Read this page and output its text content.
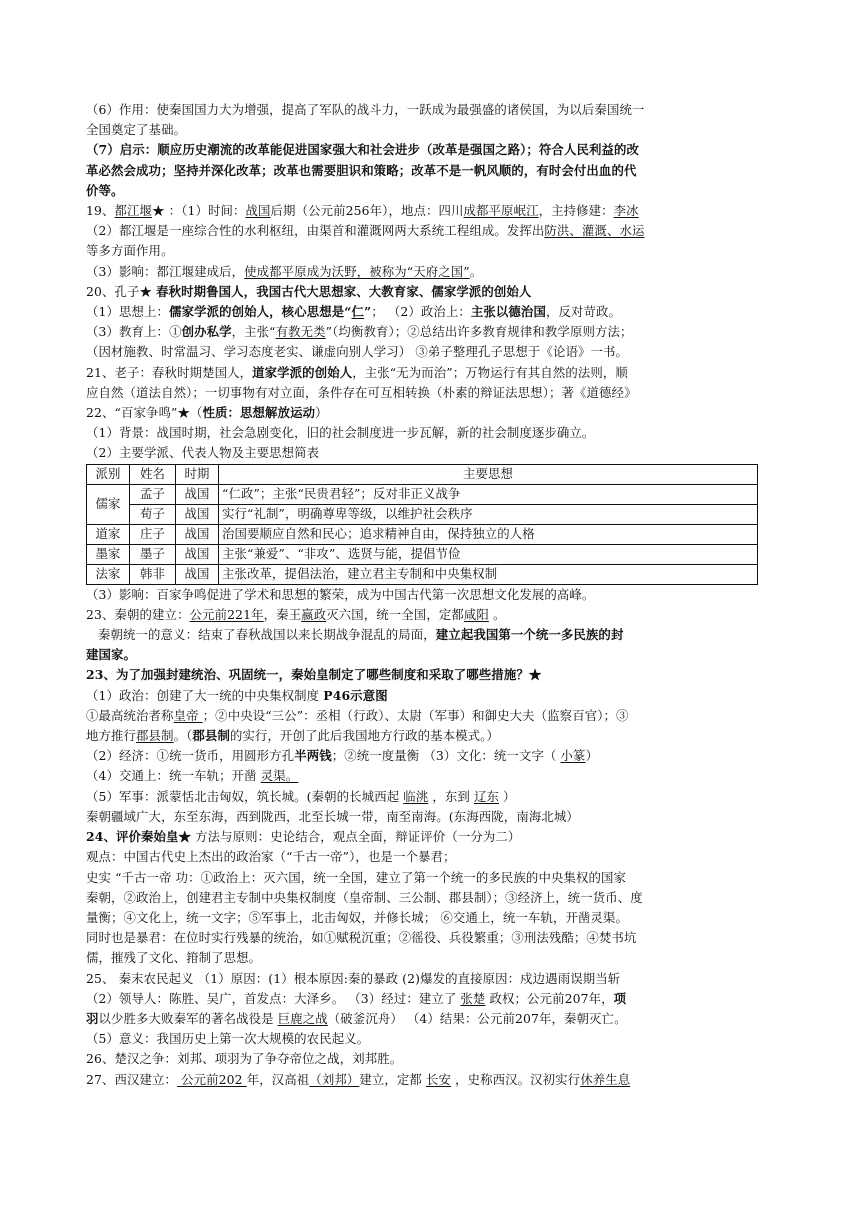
（6）作用：使秦国国力大为增强，提高了军队的战斗力，一跃成为最强盛的诸侯国，为以后秦国统一

全国奠定了基础。

（7）启示：顺应历史潮流的改革能促进国家强大和社会进步（改革是强国之路）；符合人民利益的改

革必然会成功；坚持并深化改革；改革也需要胆识和策略；改革不是一帆风顺的，有时会付出血的代

价等。

19、都江堰★ ：（1）时间：战国后期（公元前256年），地点：四川成都平原岷江，主持修建：李冰

（2）都江堰是一座综合性的水利枢纽，由渠首和灌溉网两大系统工程组成。发挥出防洪、灌溉、水运

等多方面作用。

（3）影响：都江堰建成后，使成都平原成为沃野，被称为“天府之国”。

20、孔子★ 春秋时期鲁国人，我国古代大思想家、大教育家、儒家学派的创始人

（1）思想上：儒家学派的创始人，核心思想是“仁”； （2）政治上：主张以德治国，反对苛政。

（3）教育上：①创办私学，主张“有教无类”（均衡教育）；②总结出许多教育规律和教学原则方法；

（因材施教、时常温习、学习态度老实、谦虚向别人学习） ③弟子整理孔子思想于《论语》一书。

21、老子：春秋时期楚国人，道家学派的创始人，主张“无为而治”；万物运行有其自然的法则，顺

应自然（道法自然）；一切事物有对立面，条件存在可互相转换（朴素的辩证法思想）；著《道德经》

22、“百家争鸣”★（性质：思想解放运动）

（1）背景：战国时期，社会急剧变化，旧的社会制度进一步瓦解，新的社会制度逐步确立。

（2）主要学派、代表人物及主要思想简表

派别	姓名	时期	主要思想
儒家	孟子	战国	“仁政”；主张“民贵君轻”；反对非正义战争
	荀子	战国	实行“礼制”，明确尊卑等级，以维护社会秩序
道家	庄子	战国	治国要顺应自然和民心；追求精神自由，保持独立的人格
墨家	墨子	战国	主张“兼爱”、“非攻”、选贤与能，提倡节俭
法家	韩非	战国	主张改革，提倡法治，建立君主专制和中央集权制

（3）影响：百家争鸣促进了学术和思想的繁荣，成为中国古代第一次思想文化发展的高峰。

23、秦朝的建立：公元前221年，秦王嬴政灭六国，统一全国，定都咸阳 。

秦朝统一的意义：结束了春秋战国以来长期战争混乱的局面，建立起我国第一个统一多民族的封

建国家。

23、为了加强封建统治、巩固统一，秦始皇制定了哪些制度和采取了哪些措施？★

（1）政治：创建了大一统的中央集权制度 P46示意图

①最高统治者称皇帝 ；②中央设“三公”：丞相（行政）、太尉（军事）和御史大夫（监察百官）；③

地方推行郡县制。（郡县制的实行，开创了此后我国地方行政的基本模式。）

（2）经济：①统一货币，用圆形方孔半两钱；②统一度量衡 （3）文化：统一文字（ 小篆）

（4）交通上：统一车轨；开凿 灵渠。

（5）军事：派蒙恬北击匈奴，筑长城。(秦朝的长城西起 临洮 ，东到 辽东 ）

秦朝疆域广大，东至东海，西到陇西，北至长城一带，南至南海。(东海西陇，南海北城）

24、评价秦始皇★ 方法与原则：史论结合，观点全面，辩证评价（一分为二）

观点：中国古代史上杰出的政治家（“千古一帝”），也是一个暴君；

史实 “千古一帝 功：①政治上：灭六国，统一全国，建立了第一个统一的多民族的中央集权的国家

秦朝，②政治上，创建君主专制中央集权制度（皇帝制、三公制、郡县制）；③经济上，统一货币、度

量衡；④文化上，统一文字；⑤军事上，北击匈奴，并修长城； ⑥交通上，统一车轨，开凿灵渠。

同时也是暴君：在位时实行残暴的统治，如①赋税沉重；②徭役、兵役繁重；③刑法残酷；④焚书坑

儒，摧残了文化、箝制了思想。

25、 秦末农民起义 （1）原因：(1）根本原因:秦的暴政 (2)爆发的直接原因：戍边遇雨误期当斩

（2）领导人：陈胜、吴广，首发点：大泽乡。 （3）经过：建立了 张楚 政权；公元前207年，项

羽以少胜多大败秦军的著名战役是 巨鹿之战（破釜沉舟） （4）结果：公元前207年，秦朝灭亡。

（5）意义：我国历史上第一次大规模的农民起义。

26、楚汉之争：刘邦、项羽为了争夺帝位之战，刘邦胜。

27、西汉建立： 公元前202 年，汉高祖（刘邦）建立，定都 长安 ，史称西汉。汉初实行休养生息
